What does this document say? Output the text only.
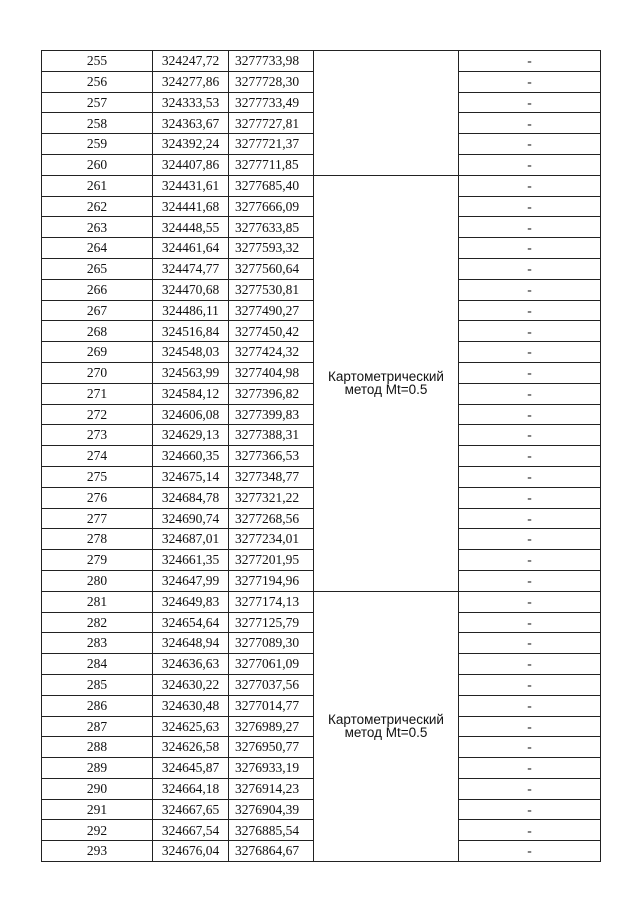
255	324247,72	3277733,98		-
256	324277,86	3277728,30		-
257	324333,53	3277733,49		-
258	324363,67	3277727,81		-
259	324392,24	3277721,37		-
260	324407,86	3277711,85		-
261	324431,61	3277685,40	Картометрический
метод Mt=0.5	-
262	324441,68	3277666,09		-
263	324448,55	3277633,85		-
264	324461,64	3277593,32		-
265	324474,77	3277560,64		-
266	324470,68	3277530,81		-
267	324486,11	3277490,27		-
268	324516,84	3277450,42		-
269	324548,03	3277424,32		-
270	324563,99	3277404,98		-
271	324584,12	3277396,82		-
272	324606,08	3277399,83		-
273	324629,13	3277388,31		-
274	324660,35	3277366,53		-
275	324675,14	3277348,77		-
276	324684,78	3277321,22		-
277	324690,74	3277268,56		-
278	324687,01	3277234,01		-
279	324661,35	3277201,95		-
280	324647,99	3277194,96		-
281	324649,83	3277174,13	Картометрический
метод Mt=0.5	-
282	324654,64	3277125,79		-
283	324648,94	3277089,30		-
284	324636,63	3277061,09		-
285	324630,22	3277037,56		-
286	324630,48	3277014,77		-
287	324625,63	3276989,27		-
288	324626,58	3276950,77		-
289	324645,87	3276933,19		-
290	324664,18	3276914,23		-
291	324667,65	3276904,39		-
292	324667,54	3276885,54		-
293	324676,04	3276864,67		-
